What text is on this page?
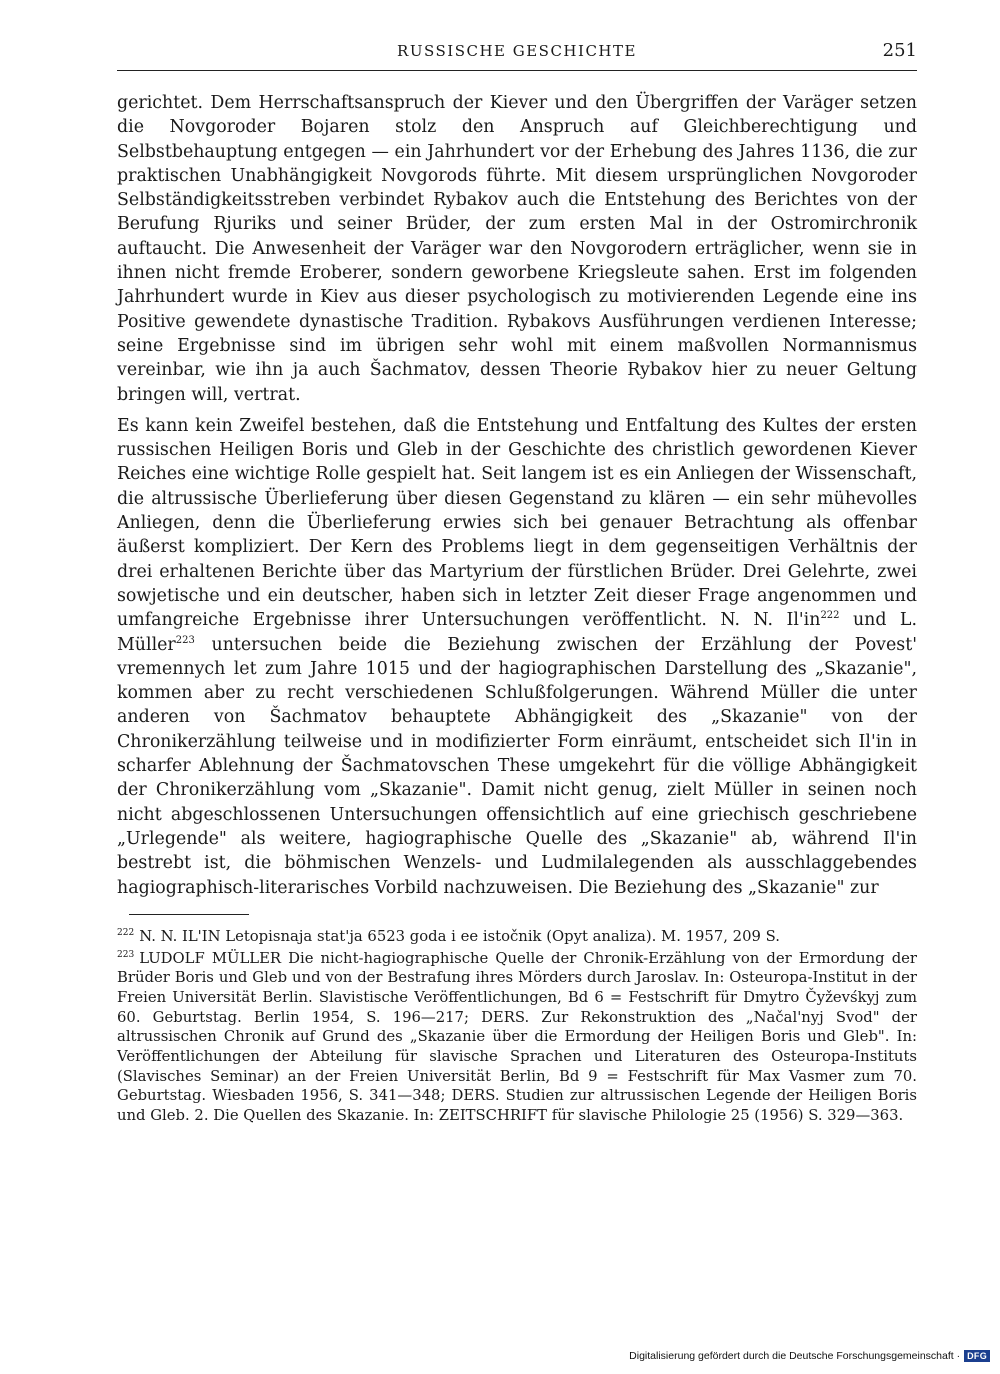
RUSSISCHE GESCHICHTE	251

gerichtet. Dem Herrschaftsanspruch der Kiever und den Übergriffen der Varäger setzen die Novgoroder Bojaren stolz den Anspruch auf Gleichberechtigung und Selbstbehauptung entgegen — ein Jahrhundert vor der Erhebung des Jahres 1136, die zur praktischen Unabhängigkeit Novgorods führte. Mit diesem ursprünglichen Novgoroder Selbständigkeitsstreben verbindet Rybakov auch die Entstehung des Berichtes von der Berufung Rjuriks und seiner Brüder, der zum ersten Mal in der Ostromirchronik auftaucht. Die Anwesenheit der Varäger war den Novgorodern erträglicher, wenn sie in ihnen nicht fremde Eroberer, sondern geworbene Kriegsleute sahen. Erst im folgenden Jahrhundert wurde in Kiev aus dieser psychologisch zu motivierenden Legende eine ins Positive gewendete dynastische Tradition. Rybakovs Ausführungen verdienen Interesse; seine Ergebnisse sind im übrigen sehr wohl mit einem maßvollen Normannismus vereinbar, wie ihn ja auch Šachmatov, dessen Theorie Rybakov hier zu neuer Geltung bringen will, vertrat.

Es kann kein Zweifel bestehen, daß die Entstehung und Entfaltung des Kultes der ersten russischen Heiligen Boris und Gleb in der Geschichte des christlich gewordenen Kiever Reiches eine wichtige Rolle gespielt hat. Seit langem ist es ein Anliegen der Wissenschaft, die altrussische Überlieferung über diesen Gegenstand zu klären — ein sehr mühevolles Anliegen, denn die Überlieferung erwies sich bei genauer Betrachtung als offenbar äußerst kompliziert. Der Kern des Problems liegt in dem gegenseitigen Verhältnis der drei erhaltenen Berichte über das Martyrium der fürstlichen Brüder. Drei Gelehrte, zwei sowjetische und ein deutscher, haben sich in letzter Zeit dieser Frage angenommen und umfangreiche Ergebnisse ihrer Untersuchungen veröffentlicht. N. N. $Il'in^{222}$ und L. Müller$^{223}$ untersuchen beide die Beziehung zwischen der Erzählung der Povest' vremennych let zum Jahre 1015 und der hagiographischen Darstellung des „Skazanie", kommen aber zu recht verschiedenen Schlußfolgerungen. Während Müller die unter anderen von Šachmatov behauptete Abhängigkeit des „Skazanie" von der Chronikerzählung teilweise und in modifizierter Form einräumt, entscheidet sich Il'in in scharfer Ablehnung der Šachmatovschen These umgekehrt für die völlige Abhängigkeit der Chronikerzählung vom „Skazanie". Damit nicht genug, zielt Müller in seinen noch nicht abgeschlossenen Untersuchungen offensichtlich auf eine griechisch geschriebene „Urlegende" als weitere, hagiographische Quelle des „Skazanie" ab, während Il'in bestrebt ist, die böhmischen Wenzels- und Ludmilalegenden als ausschlaggebendes hagiographisch-literarisches Vorbild nachzuweisen. Die Beziehung des „Skazanie" zur

$^{222}$ N. N. IL'IN Letopisnaja stat'ja 6523 goda i ee istočnik (Opyt analiza). M. 1957, 209 S.

$^{223}$ LUDOLF MÜLLER Die nicht-hagiographische Quelle der Chronik-Erzählung von der Ermordung der Brüder Boris und Gleb und von der Bestrafung ihres Mörders durch Jaroslav. In: Osteuropa-Institut in der Freien Universität Berlin. Slavistische Veröffentlichungen, Bd 6 = Festschrift für Dmytro Čyževśkyj zum 60. Geburtstag. Berlin 1954, S. 196—217; DERS. Zur Rekonstruktion des „Načal'nyj Svod" der altrussischen Chronik auf Grund des „Skazanie über die Ermordung der Heiligen Boris und Gleb". In: Veröffentlichungen der Abteilung für slavische Sprachen und Literaturen des Osteuropa-Instituts (Slavisches Seminar) an der Freien Universität Berlin, Bd 9 = Festschrift für Max Vasmer zum 70. Geburtstag. Wiesbaden 1956, S. 341—348; DERS. Studien zur altrussischen Legende der Heiligen Boris und Gleb. 2. Die Quellen des Skazanie. In: ZEITSCHRIFT für slavische Philologie 25 (1956) S. 329—363.

Digitalisierung gefördert durch die Deutsche Forschungsgemeinschaft · DFG
